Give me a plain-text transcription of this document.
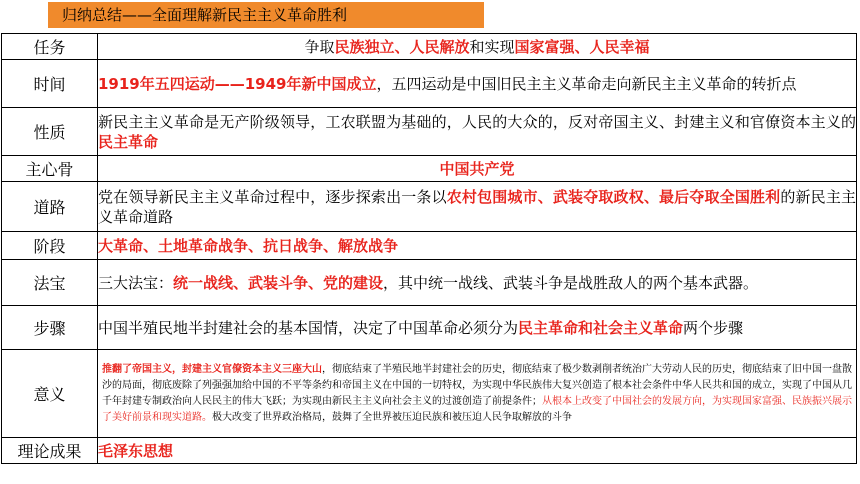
归纳总结——全面理解新民主主义革命胜利
任务	争取民族独立、人民解放和实现国家富强、人民幸福
时间	1919年五四运动——1949年新中国成立，五四运动是中国旧民主主义革命走向新民主主义革命的转折点
性质	新民主主义革命是无产阶级领导，工农联盟为基础的，人民的大众的，反对帝国主义、封建主义和官僚资本主义的民主革命
主心骨	中国共产党
道路	党在领导新民主主义革命过程中，逐步探索出一条以农村包围城市、武装夺取政权、最后夺取全国胜利的新民主主义革命道路
阶段	大革命、土地革命战争、抗日战争、解放战争
法宝	三大法宝：统一战线、武装斗争、党的建设，其中统一战线、武装斗争是战胜敌人的两个基本武器。
步骤	中国半殖民地半封建社会的基本国情，决定了中国革命必须分为民主革命和社会主义革命两个步骤
意义	推翻了帝国主义，封建主义官僚资本主义三座大山，彻底结束了半殖民地半封建社会的历史，彻底结束了极少数剥削者统治广大劳动人民的历史，彻底结束了旧中国一盘散沙的局面，彻底废除了列强强加给中国的不平等条约和帝国主义在中国的一切特权，为实现中华民族伟大复兴创造了根本社会条件中华人民共和国的成立，实现了中国从几千年封建专制政治向人民民主的伟大飞跃；为实现由新民主主义向社会主义的过渡创造了前提条件；从根本上改变了中国社会的发展方向，为实现国家富强、民族振兴展示了美好前景和现实道路。极大改变了世界政治格局，鼓舞了全世界被压迫民族和被压迫人民争取解放的斗争
理论成果	毛泽东思想
